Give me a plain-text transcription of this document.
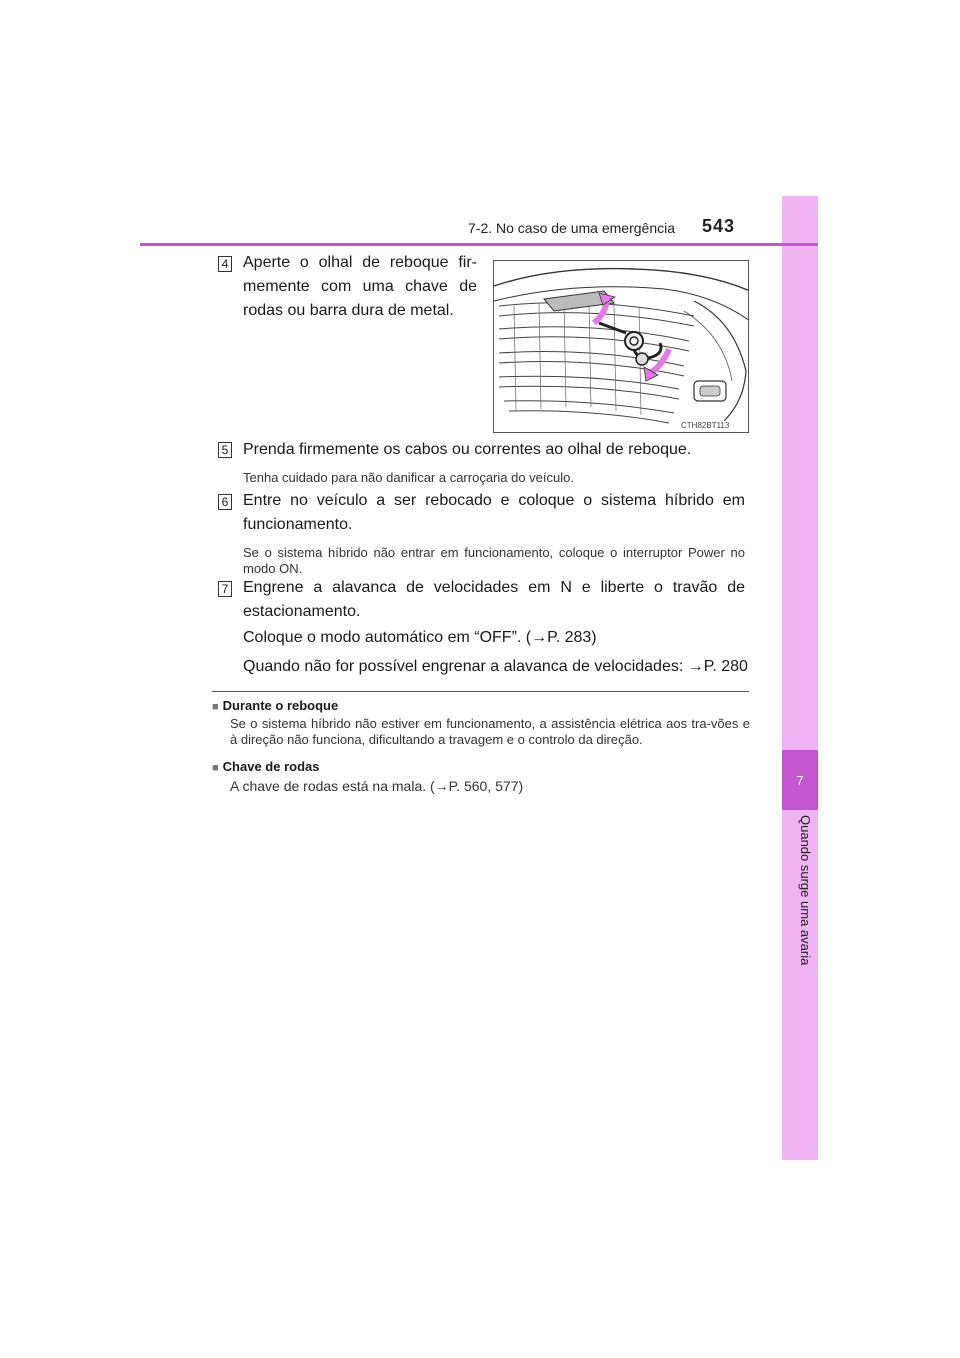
7
Quando surge uma avaria
7-2. No caso de uma emergência	543
4 Aperte o olhal de reboque fir-
memente com uma chave de
rodas ou barra dura de metal.
CTH82BT113
5 Prenda firmemente os cabos ou correntes ao olhal de reboque.
Tenha cuidado para não danificar a carroçaria do veículo.
6 Entre no veículo a ser rebocado e coloque o sistema híbrido em funcionamento.
Se o sistema híbrido não entrar em funcionamento, coloque o interruptor Power no modo ON.
7 Engrene a alavanca de velocidades em N e liberte o travão de estacionamento.
Coloque o modo automático em “OFF”. (→P. 283)
Quando não for possível engrenar a alavanca de velocidades: →P. 280
■ Durante o reboque
Se o sistema híbrido não estiver em funcionamento, a assistência elétrica aos tra-vões e à direção não funciona, dificultando a travagem e o controlo da direção.
■ Chave de rodas
A chave de rodas está na mala. (→P. 560, 577)
